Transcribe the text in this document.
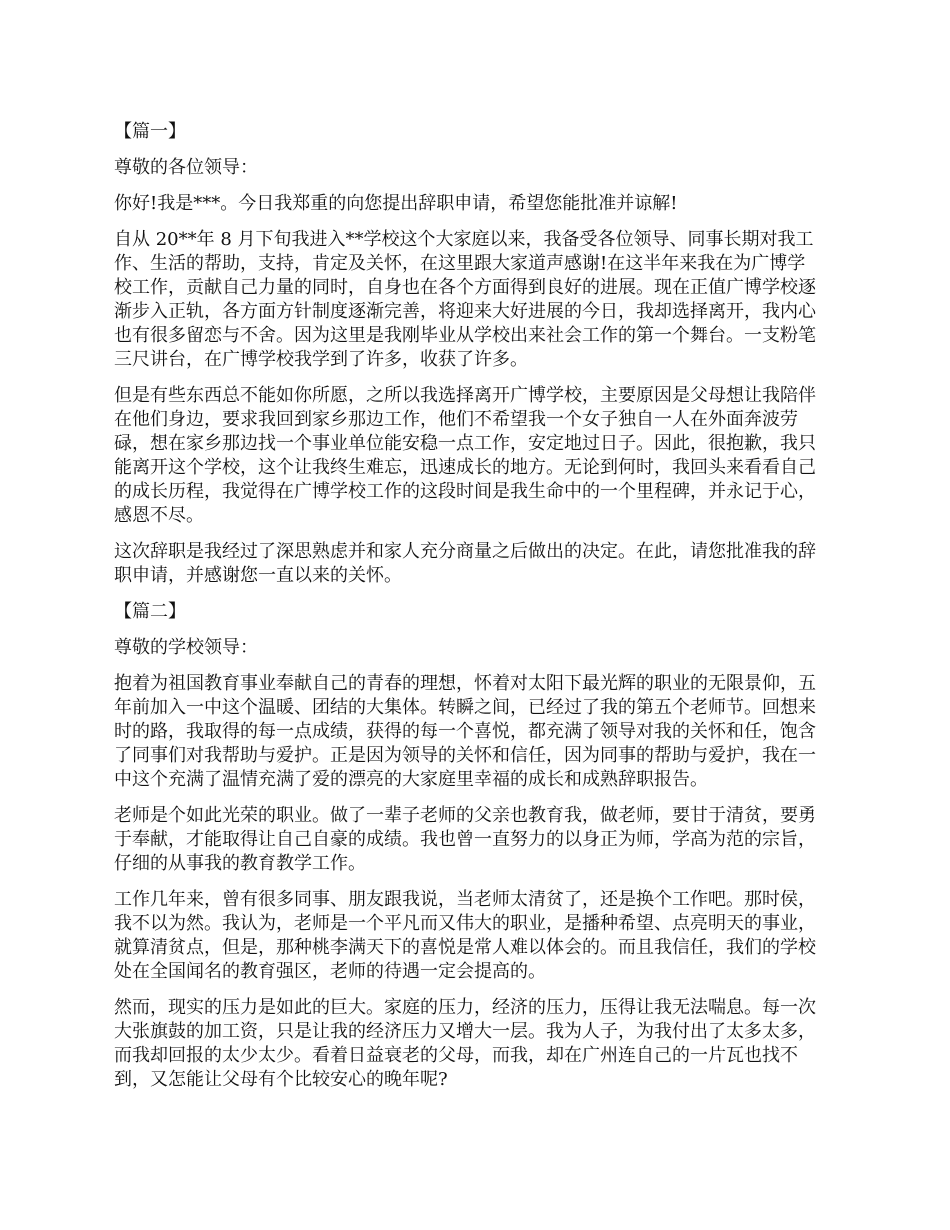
【篇一】
尊敬的各位领导：
你好!我是***。今日我郑重的向您提出辞职申请，希望您能批准并谅解!
自从 20**年 8 月下旬我进入**学校这个大家庭以来，我备受各位领导、同事长期对我工
作、生活的帮助，支持，肯定及关怀，在这里跟大家道声感谢!在这半年来我在为广博学
校工作，贡献自己力量的同时，自身也在各个方面得到良好的进展。现在正值广博学校逐
渐步入正轨，各方面方针制度逐渐完善，将迎来大好进展的今日，我却选择离开，我内心
也有很多留恋与不舍。因为这里是我刚毕业从学校出来社会工作的第一个舞台。一支粉笔
三尺讲台，在广博学校我学到了许多，收获了许多。
但是有些东西总不能如你所愿，之所以我选择离开广博学校，主要原因是父母想让我陪伴
在他们身边，要求我回到家乡那边工作，他们不希望我一个女子独自一人在外面奔波劳
碌，想在家乡那边找一个事业单位能安稳一点工作，安定地过日子。因此，很抱歉，我只
能离开这个学校，这个让我终生难忘，迅速成长的地方。无论到何时，我回头来看看自己
的成长历程，我觉得在广博学校工作的这段时间是我生命中的一个里程碑，并永记于心，
感恩不尽。
这次辞职是我经过了深思熟虑并和家人充分商量之后做出的决定。在此，请您批准我的辞
职申请，并感谢您一直以来的关怀。
【篇二】
尊敬的学校领导：
抱着为祖国教育事业奉献自己的青春的理想，怀着对太阳下最光辉的职业的无限景仰，五
年前加入一中这个温暖、团结的大集体。转瞬之间，已经过了我的第五个老师节。回想来
时的路，我取得的每一点成绩，获得的每一个喜悦，都充满了领导对我的关怀和任，饱含
了同事们对我帮助与爱护。正是因为领导的关怀和信任，因为同事的帮助与爱护，我在一
中这个充满了温情充满了爱的漂亮的大家庭里幸福的成长和成熟辞职报告。
老师是个如此光荣的职业。做了一辈子老师的父亲也教育我，做老师，要甘于清贫，要勇
于奉献，才能取得让自己自豪的成绩。我也曾一直努力的以身正为师，学高为范的宗旨，
仔细的从事我的教育教学工作。
工作几年来，曾有很多同事、朋友跟我说，当老师太清贫了，还是换个工作吧。那时侯，
我不以为然。我认为，老师是一个平凡而又伟大的职业，是播种希望、点亮明天的事业，
就算清贫点，但是，那种桃李满天下的喜悦是常人难以体会的。而且我信任，我们的学校
处在全国闻名的教育强区，老师的待遇一定会提高的。
然而，现实的压力是如此的巨大。家庭的压力，经济的压力，压得让我无法喘息。每一次
大张旗鼓的加工资，只是让我的经济压力又增大一层。我为人子，为我付出了太多太多，
而我却回报的太少太少。看着日益衰老的父母，而我，却在广州连自己的一片瓦也找不
到，又怎能让父母有个比较安心的晚年呢?
